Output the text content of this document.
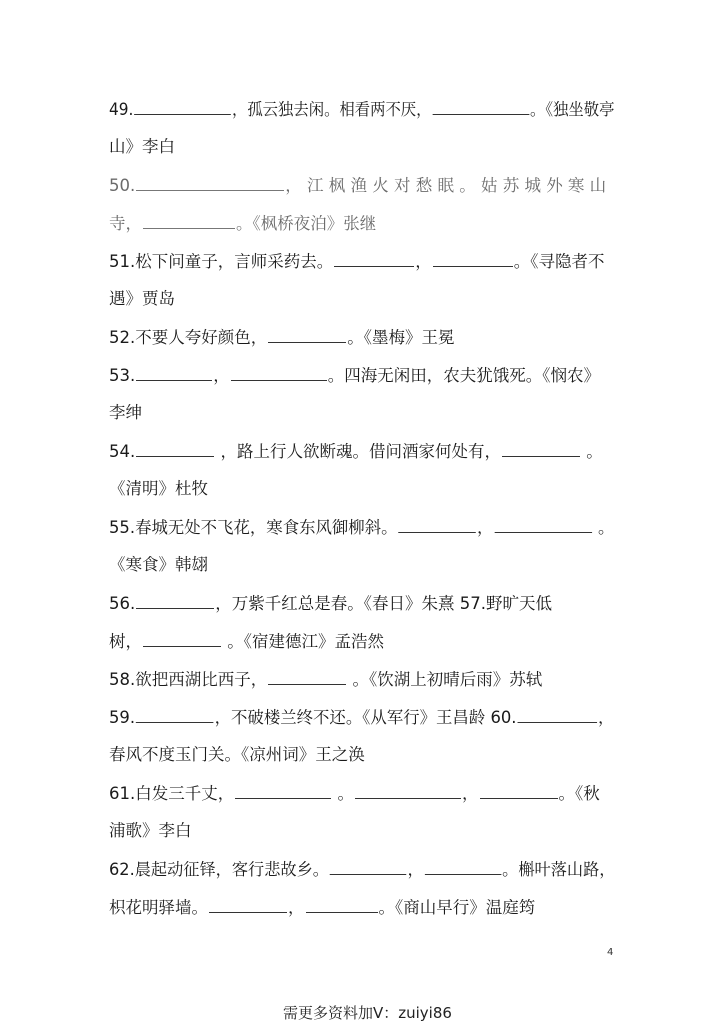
49.	，孤云独去闲。相看两不厌，	。《独坐敬亭
山》李白
50.	， 江 枫 渔 火 对 愁 眠 。 姑 苏 城 外 寒 山
寺，	。《枫桥夜泊》张继
51.松下问童子，言师采药去。	，	。《寻隐者不
遇》贾岛
52.不要人夸好颜色，	。《墨梅》王冕
53.	，	。四海无闲田，农夫犹饿死。《悯农》
李绅
54.	，路上行人欲断魂。借问酒家何处有，	。
《清明》杜牧
55.春城无处不飞花，寒食东风御柳斜。	，	。
《寒食》韩翃
56.	，万紫千红总是春。《春日》朱熹 57.野旷天低
树，	。《宿建德江》孟浩然
58.欲把西湖比西子，	。《饮湖上初晴后雨》苏轼
59.	，不破楼兰终不还。《从军行》王昌龄 60.	，
春风不度玉门关。《凉州词》王之涣
61.白发三千丈，	。	，	。《秋
浦歌》李白
62.晨起动征铎，客行悲故乡。	，	。槲叶落山路，
枳花明驿墙。	，	。《商山早行》温庭筠
4
需更多资料加V：zuiyi86
